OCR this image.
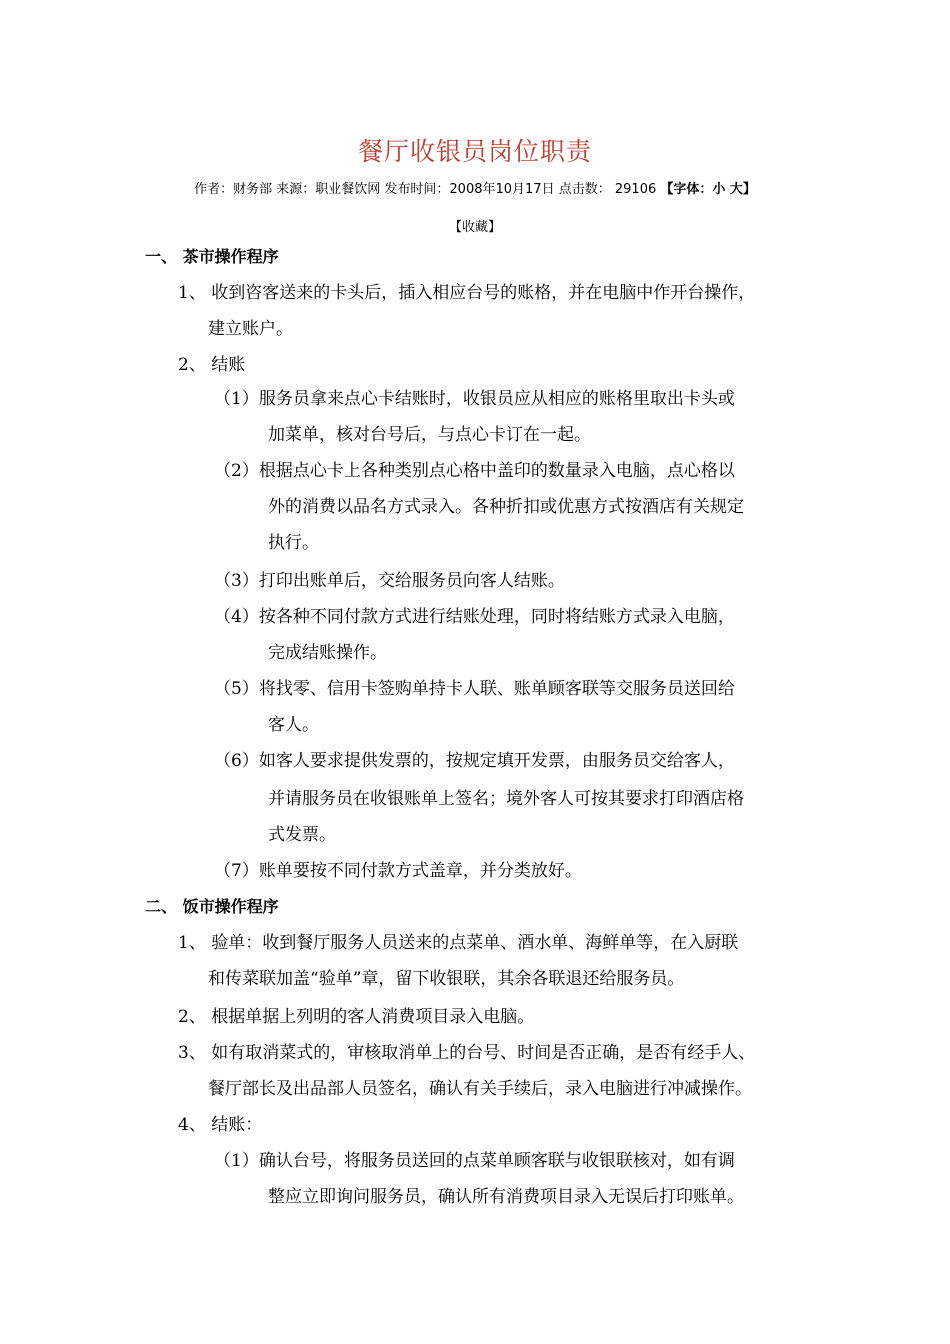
餐厅收银员岗位职责
作者：财务部 来源：职业餐饮网 发布时间：2008年10月17日 点击数： 29106 【字体：小 大】
【收藏】
一、 茶市操作程序
1、 收到咨客送来的卡头后，插入相应台号的账格，并在电脑中作开台操作，
建立账户。
2、 结账
（1）服务员拿来点心卡结账时，收银员应从相应的账格里取出卡头或
加菜单，核对台号后，与点心卡订在一起。
（2）根据点心卡上各种类别点心格中盖印的数量录入电脑，点心格以
外的消费以品名方式录入。各种折扣或优惠方式按酒店有关规定
执行。
（3）打印出账单后，交给服务员向客人结账。
（4）按各种不同付款方式进行结账处理，同时将结账方式录入电脑，
完成结账操作。
（5）将找零、信用卡签购单持卡人联、账单顾客联等交服务员送回给
客人。
（6）如客人要求提供发票的，按规定填开发票，由服务员交给客人，
并请服务员在收银账单上签名；境外客人可按其要求打印酒店格
式发票。
（7）账单要按不同付款方式盖章，并分类放好。
二、 饭市操作程序
1、 验单：收到餐厅服务人员送来的点菜单、酒水单、海鲜单等，在入厨联
和传菜联加盖“验单”章，留下收银联，其余各联退还给服务员。
2、 根据单据上列明的客人消费项目录入电脑。
3、 如有取消菜式的，审核取消单上的台号、时间是否正确，是否有经手人、
餐厅部长及出品部人员签名，确认有关手续后，录入电脑进行冲减操作。
4、 结账：
（1）确认台号，将服务员送回的点菜单顾客联与收银联核对，如有调
整应立即询问服务员，确认所有消费项目录入无误后打印账单。
